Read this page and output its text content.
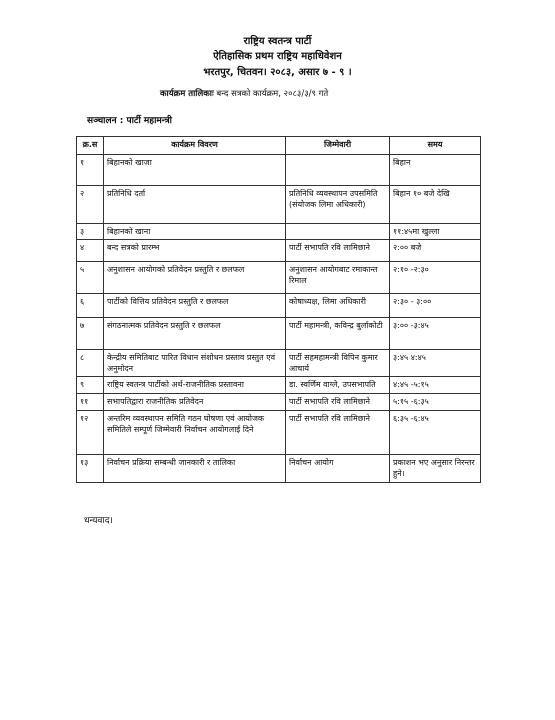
राष्ट्रिय स्वतन्त्र पार्टी
ऐतिहासिक प्रथम राष्ट्रिय महाधिवेशन
भरतपुर, चितवन। २०८३, असार ७ - ९ ।
कार्यक्रम तालिकाः बन्द सत्रको कार्यक्रम, २०८३/३/९ गते
सञ्चालन : पार्टी महामन्त्री
क्र.स	कार्यक्रम विवरण	जिम्मेवारी	समय
१	बिहानको खाजा		बिहान
२	प्रतिनिधि दर्ता	प्रतिनिधि व्यवस्थापन उपसमिति (संयोजक लिमा अधिकारी)	बिहान १० बजे देखि
३	बिहानको खाना		११:४५मा खुल्ला
४	बन्द सत्रको प्रारम्भ	पार्टी सभापति रवि लामिछाने	२:०० बजे
५	अनुशासन आयोगको प्रतिवेदन प्रस्तुति र छलफल	अनुशासन आयोगबाट रमाकान्त रिमाल	२:१० -२:३०
६	पार्टीको वित्तिय प्रतिवेदन प्रस्तुति र छलफल	कोषाध्यक्ष, लिमा अधिकारी	२:३० - ३:००
७	संगठनात्मक प्रतिवेदन प्रस्तुति र छलफल	पार्टी महामन्त्री, कविन्द्र बुर्लाकोटी	३:०० -३:४५
८	केन्द्रीय समितिबाट पारित विधान संशोधन प्रस्ताव प्रस्तुत एवं अनुमोदन	पार्टी सहमहामन्त्री विपिन कुमार आचार्य	३:४५ ४:४५
९	राष्ट्रिय स्वतन्त्र पार्टीको अर्थ-राजनीतिक प्रस्तावना	डा. स्वर्णिम वाग्ले, उपसभापति	४:४५ -५:१५
११	सभापतिद्वारा राजनीतिक प्रतिवेदन	पार्टी सभापति रवि लामिछाने	५:१५ -६:३५
१२	अन्तरिम व्यवस्थापन समिति गठन घोषणा एवं आयोजक समितिले सम्पूर्ण जिम्मेवारी निर्वाचन आयोगलाई दिने	पार्टी सभापति रवि लामिछाने	६:३५ -६:४५
१३	निर्वाचन प्रक्रिया सम्बन्धी जानकारी र तालिका	निर्वाचन आयोग	प्रकाशन भए अनुसार निरन्तर हुने।
धन्यवाद।
